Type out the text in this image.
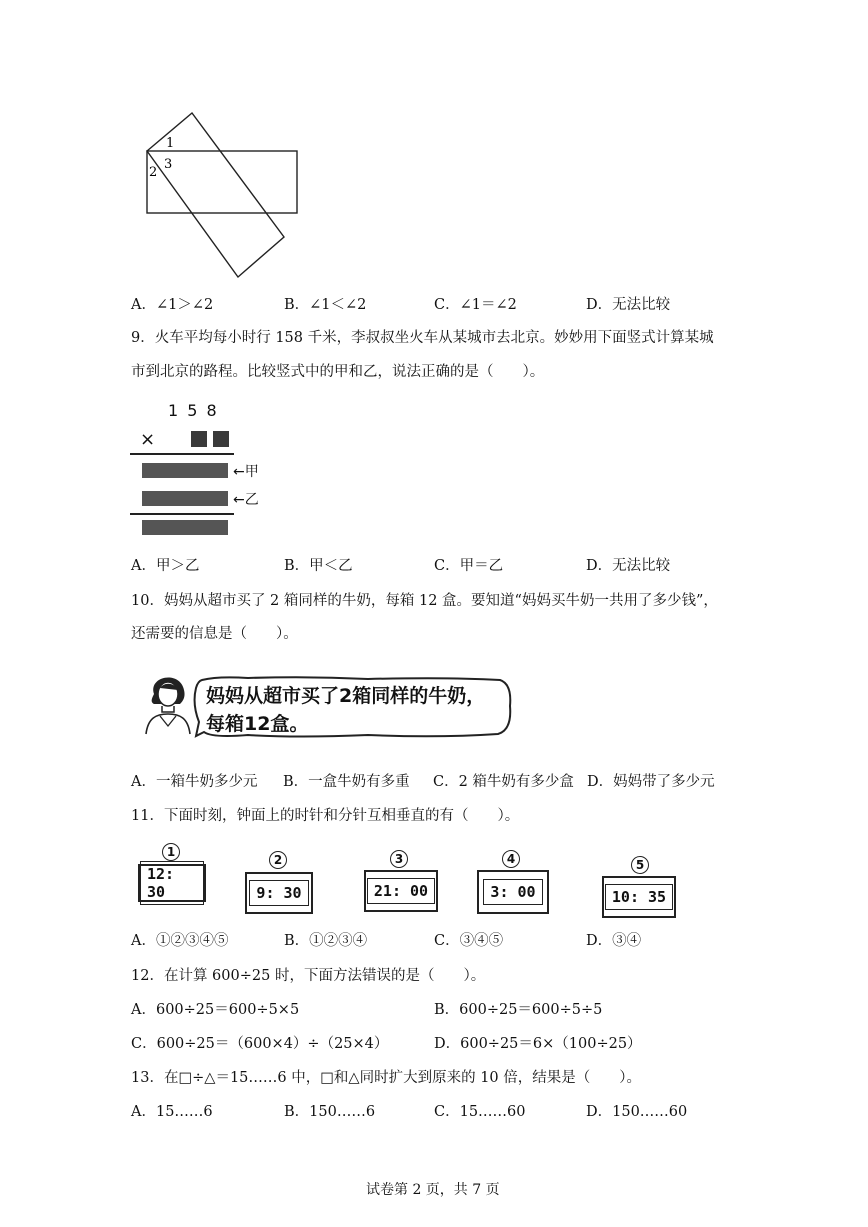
1
2
3
A．∠1＞∠2	B．∠1＜∠2	C．∠1＝∠2	D．无法比较
9．火车平均每小时行 158 千米，李叔叔坐火车从某城市去北京。妙妙用下面竖式计算某城
市到北京的路程。比较竖式中的甲和乙，说法正确的是（　　）。
1 5 8
×
←甲
←乙
A．甲＞乙	B．甲＜乙	C．甲＝乙	D．无法比较
10．妈妈从超市买了 2 箱同样的牛奶，每箱 12 盒。要知道“妈妈买牛奶一共用了多少钱”，
还需要的信息是（　　）。
妈妈从超市买了2箱同样的牛奶，
每箱12盒。
A．一箱牛奶多少元 B．一盒牛奶有多重 C．2 箱牛奶有多少盒 D．妈妈带了多少元
11．下面时刻，钟面上的时针和分针互相垂直的有（　　）。
1
12: 30
2
9: 30
3
21: 00
4
3: 00
5
10: 35
A．①②③④⑤	B．①②③④	C．③④⑤	D．③④
12．在计算 600÷25 时，下面方法错误的是（　　）。
A．600÷25＝600÷5×5	B．600÷25＝600÷5÷5
C．600÷25＝（600×4）÷（25×4）	D．600÷25＝6×（100÷25）
13．在□÷△＝15……6 中，□和△同时扩大到原来的 10 倍，结果是（　　）。
A．15……6	B．150……6	C．15……60	D．150……60
试卷第 2 页，共 7 页
